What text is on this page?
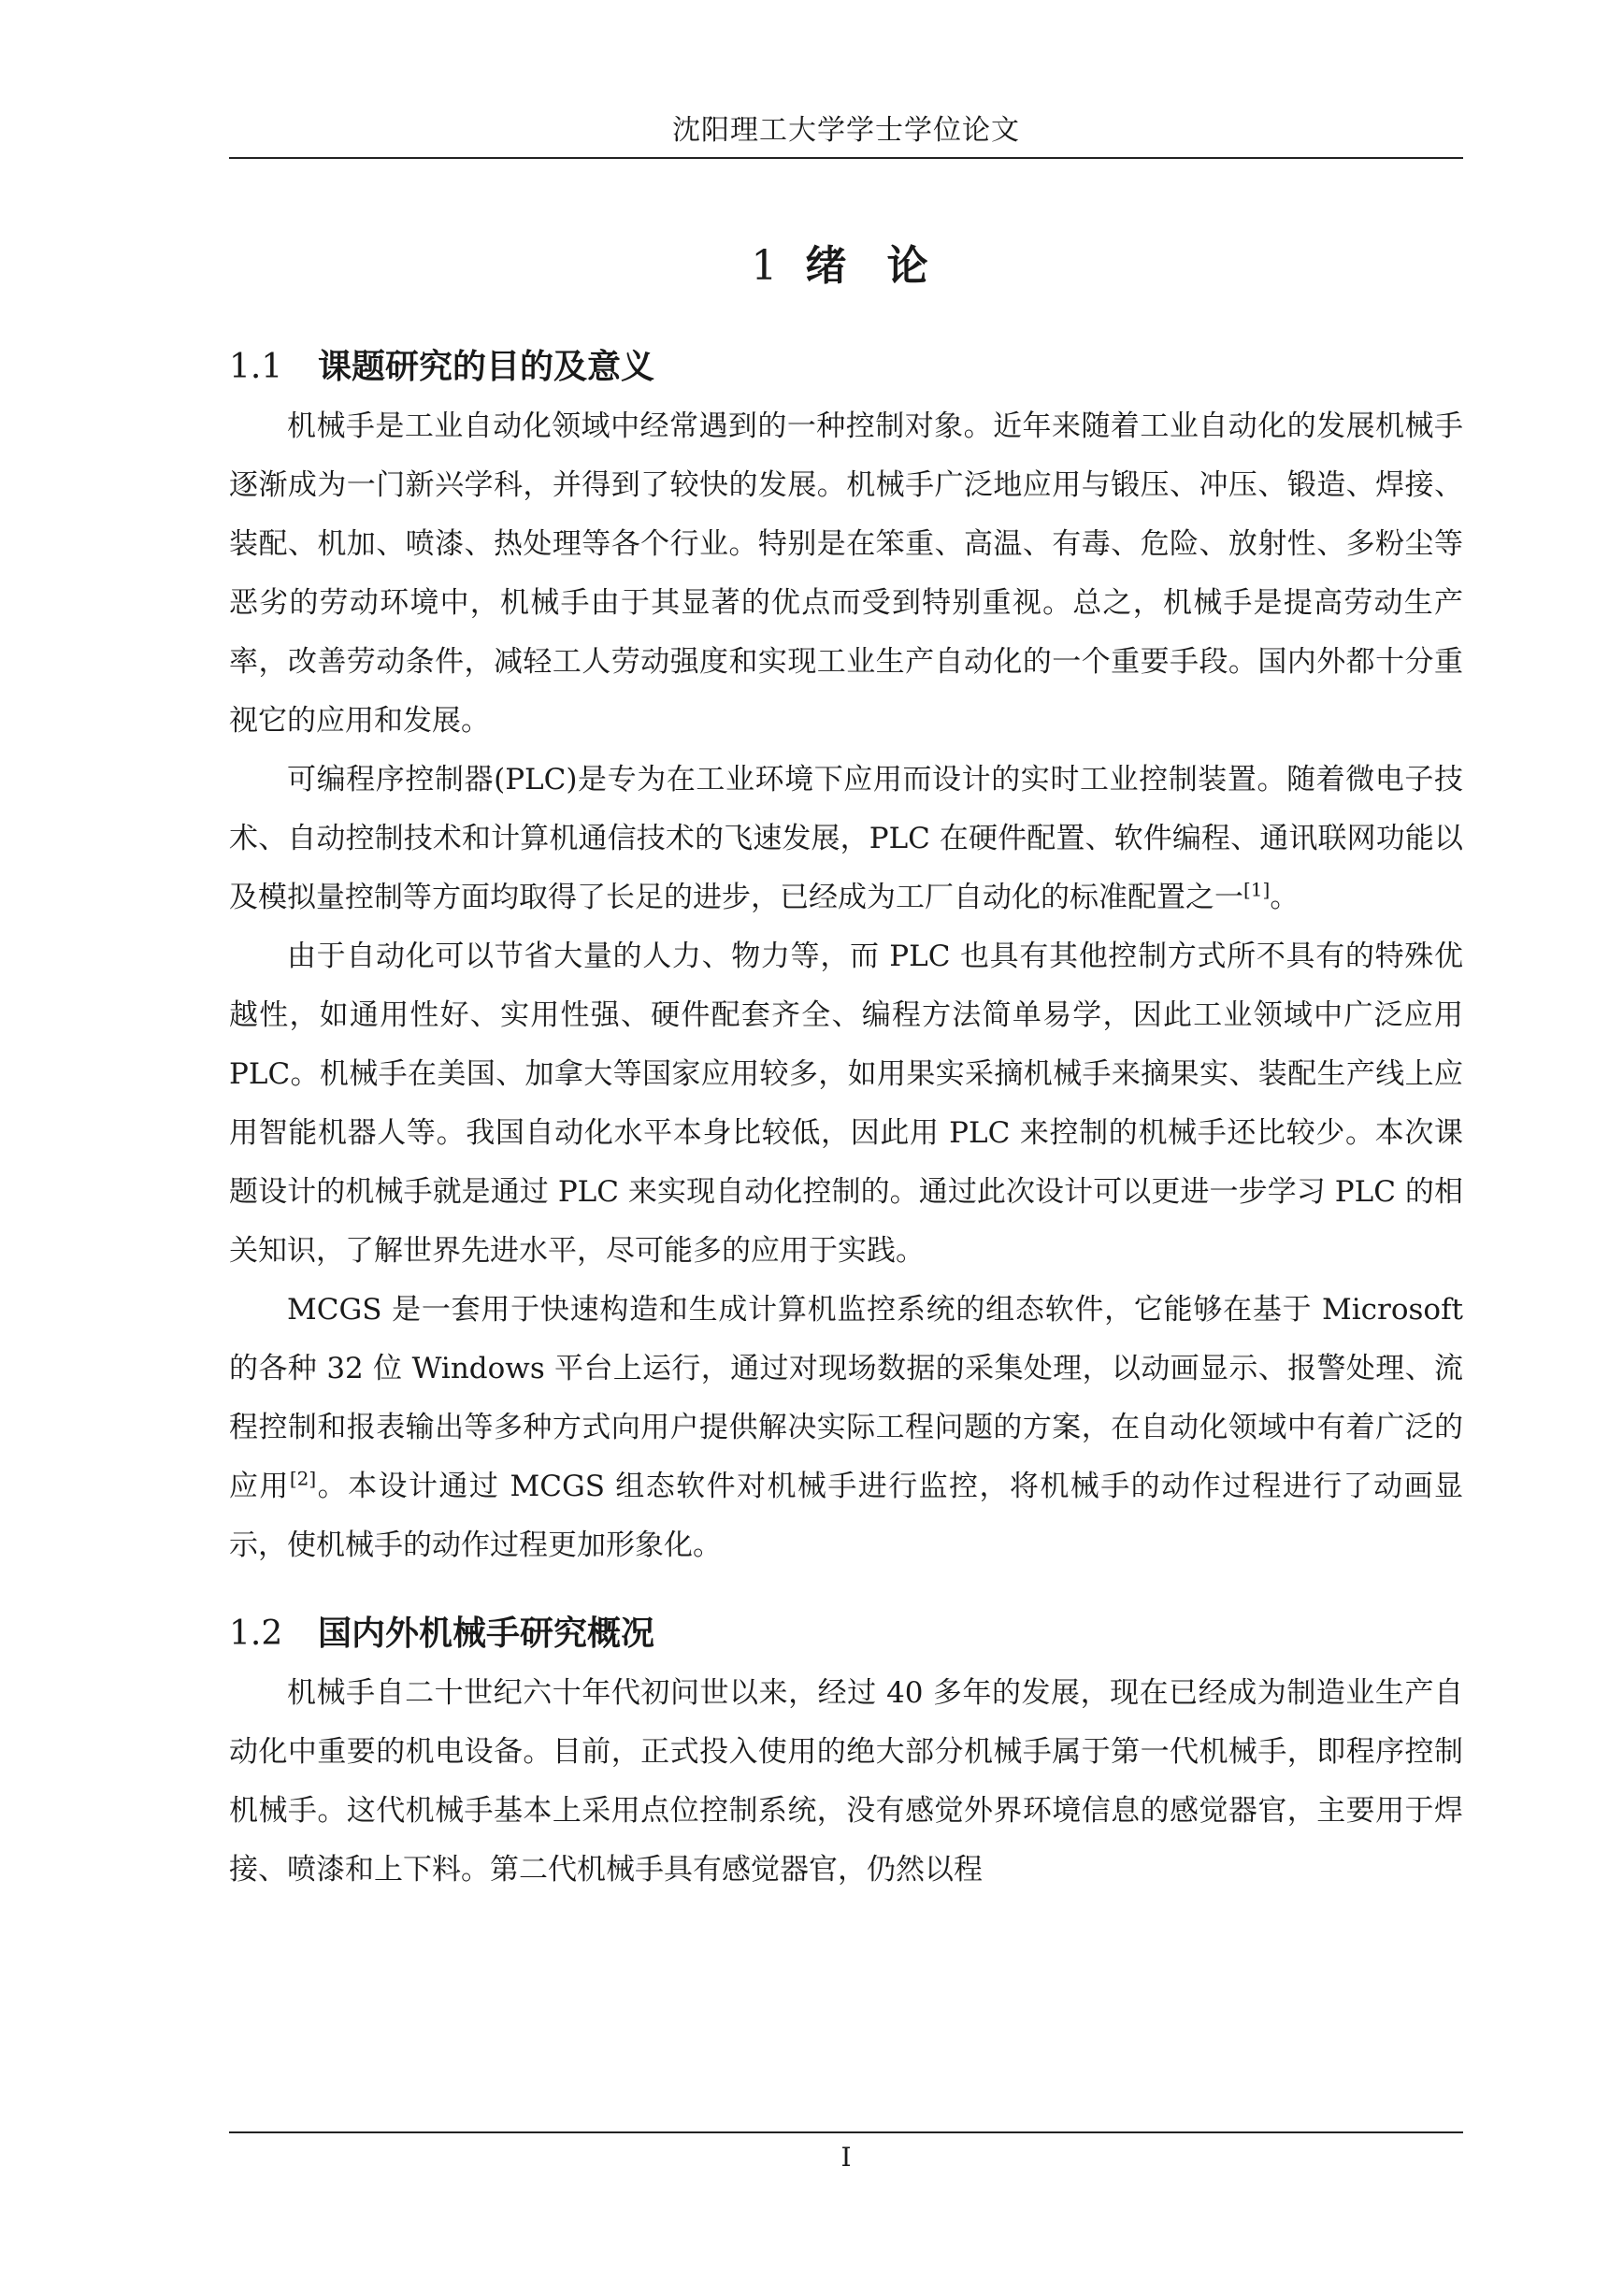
沈阳理工大学学士学位论文
1 绪 论
1.1 课题研究的目的及意义

机械手是工业自动化领域中经常遇到的一种控制对象。近年来随着工业自动化的发展机械手逐渐成为一门新兴学科，并得到了较快的发展。机械手广泛地应用与锻压、冲压、锻造、焊接、装配、机加、喷漆、热处理等各个行业。特别是在笨重、高温、有毒、危险、放射性、多粉尘等恶劣的劳动环境中，机械手由于其显著的优点而受到特别重视。总之，机械手是提高劳动生产率，改善劳动条件，减轻工人劳动强度和实现工业生产自动化的一个重要手段。国内外都十分重视它的应用和发展。

可编程序控制器(PLC)是专为在工业环境下应用而设计的实时工业控制装置。随着微电子技术、自动控制技术和计算机通信技术的飞速发展，PLC 在硬件配置、软件编程、通讯联网功能以及模拟量控制等方面均取得了长足的进步，已经成为工厂自动化的标准配置之一[1]。

由于自动化可以节省大量的人力、物力等，而 PLC 也具有其他控制方式所不具有的特殊优越性，如通用性好、实用性强、硬件配套齐全、编程方法简单易学，因此工业领域中广泛应用 PLC。机械手在美国、加拿大等国家应用较多，如用果实采摘机械手来摘果实、装配生产线上应用智能机器人等。我国自动化水平本身比较低，因此用 PLC 来控制的机械手还比较少。本次课题设计的机械手就是通过 PLC 来实现自动化控制的。通过此次设计可以更进一步学习 PLC 的相关知识，了解世界先进水平，尽可能多的应用于实践。

MCGS 是一套用于快速构造和生成计算机监控系统的组态软件，它能够在基于 Microsoft 的各种 32 位 Windows 平台上运行，通过对现场数据的采集处理，以动画显示、报警处理、流程控制和报表输出等多种方式向用户提供解决实际工程问题的方案，在自动化领域中有着广泛的应用[2]。本设计通过 MCGS 组态软件对机械手进行监控，将机械手的动作过程进行了动画显示，使机械手的动作过程更加形象化。

1.2 国内外机械手研究概况

机械手自二十世纪六十年代初问世以来，经过 40 多年的发展，现在已经成为制造业生产自动化中重要的机电设备。目前，正式投入使用的绝大部分机械手属于第一代机械手，即程序控制机械手。这代机械手基本上采用点位控制系统，没有感觉外界环境信息的感觉器官，主要用于焊接、喷漆和上下料。第二代机械手具有感觉器官，仍然以程

I
